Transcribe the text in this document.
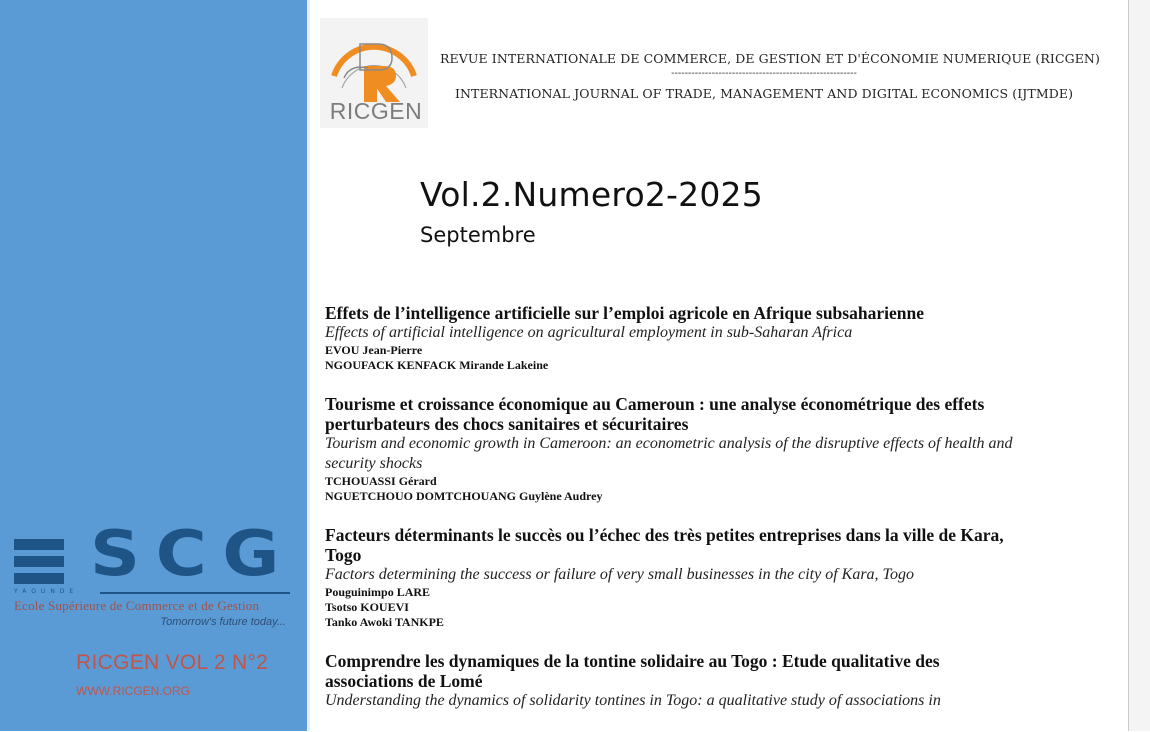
SCG
YAOUNDE
Ecole Supérieure de Commerce et de Gestion
Tomorrow's future today...
RICGEN VOL 2 N°2
WWW.RICGEN.ORG
RICGEN
REVUE INTERNATIONALE DE COMMERCE, DE GESTION ET D'ÉCONOMIE NUMERIQUE (RICGEN)
-------------------------------------------------------
INTERNATIONAL JOURNAL OF TRADE, MANAGEMENT AND DIGITAL ECONOMICS (IJTMDE)
Vol.2.Numero2-2025
Septembre
Effets de l’intelligence artificielle sur l’emploi agricole en Afrique subsaharienne
Effects of artificial intelligence on agricultural employment in sub-Saharan Africa
EVOU Jean-Pierre
NGOUFACK KENFACK Mirande Lakeine
Tourisme et croissance économique au Cameroun : une analyse économétrique des effets perturbateurs des chocs sanitaires et sécuritaires
Tourism and economic growth in Cameroon: an econometric analysis of the disruptive effects of health and security shocks
TCHOUASSI Gérard
NGUETCHOUO DOMTCHOUANG Guylène Audrey
Facteurs déterminants le succès ou l’échec des très petites entreprises dans la ville de Kara, Togo
Factors determining the success or failure of very small businesses in the city of Kara, Togo
Pouguinimpo LARE
Tsotso KOUEVI
Tanko Awoki TANKPE
Comprendre les dynamiques de la tontine solidaire au Togo : Etude qualitative des associations de Lomé
Understanding the dynamics of solidarity tontines in Togo: a qualitative study of associations in
